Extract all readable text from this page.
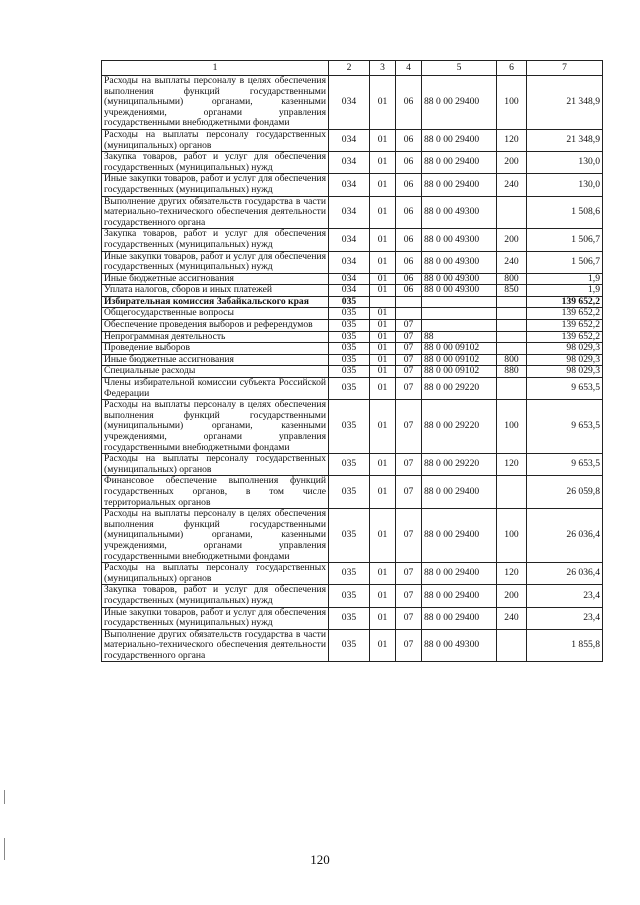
1	2	3	4	5	6	7
Расходы на выплаты персоналу в целях обеспечения выполнения функций государственными (муниципальными) органами, казенными учреждениями, органами управления государственными внебюджетными фондами	034	01	06	88 0 00 29400	100	21 348,9
Расходы на выплаты персоналу государственных (муниципальных) органов	034	01	06	88 0 00 29400	120	21 348,9
Закупка товаров, работ и услуг для обеспечения государственных (муниципальных) нужд	034	01	06	88 0 00 29400	200	130,0
Иные закупки товаров, работ и услуг для обеспечения государственных (муниципальных) нужд	034	01	06	88 0 00 29400	240	130,0
Выполнение других обязательств государства в части материально-технического обеспечения деятельности государственного органа	034	01	06	88 0 00 49300		1 508,6
Закупка товаров, работ и услуг для обеспечения государственных (муниципальных) нужд	034	01	06	88 0 00 49300	200	1 506,7
Иные закупки товаров, работ и услуг для обеспечения государственных (муниципальных) нужд	034	01	06	88 0 00 49300	240	1 506,7
Иные бюджетные ассигнования	034	01	06	88 0 00 49300	800	1,9
Уплата налогов, сборов и иных платежей	034	01	06	88 0 00 49300	850	1,9
Избирательная комиссия Забайкальского края	035					139 652,2
Общегосударственные вопросы	035	01				139 652,2
Обеспечение проведения выборов и референдумов	035	01	07			139 652,2
Непрограммная деятельность	035	01	07	88		139 652,2
Проведение выборов	035	01	07	88 0 00 09102		98 029,3
Иные бюджетные ассигнования	035	01	07	88 0 00 09102	800	98 029,3
Специальные расходы	035	01	07	88 0 00 09102	880	98 029,3
Члены избирательной комиссии субъекта Российской Федерации	035	01	07	88 0 00 29220		9 653,5
Расходы на выплаты персоналу в целях обеспечения выполнения функций государственными (муниципальными) органами, казенными учреждениями, органами управления государственными внебюджетными фондами	035	01	07	88 0 00 29220	100	9 653,5
Расходы на выплаты персоналу государственных (муниципальных) органов	035	01	07	88 0 00 29220	120	9 653,5
Финансовое обеспечение выполнения функций государственных органов, в том числе территориальных органов	035	01	07	88 0 00 29400		26 059,8
Расходы на выплаты персоналу в целях обеспечения выполнения функций государственными (муниципальными) органами, казенными учреждениями, органами управления государственными внебюджетными фондами	035	01	07	88 0 00 29400	100	26 036,4
Расходы на выплаты персоналу государственных (муниципальных) органов	035	01	07	88 0 00 29400	120	26 036,4
Закупка товаров, работ и услуг для обеспечения государственных (муниципальных) нужд	035	01	07	88 0 00 29400	200	23,4
Иные закупки товаров, работ и услуг для обеспечения государственных (муниципальных) нужд	035	01	07	88 0 00 29400	240	23,4
Выполнение других обязательств государства в части материально-технического обеспечения деятельности государственного органа	035	01	07	88 0 00 49300		1 855,8
120
